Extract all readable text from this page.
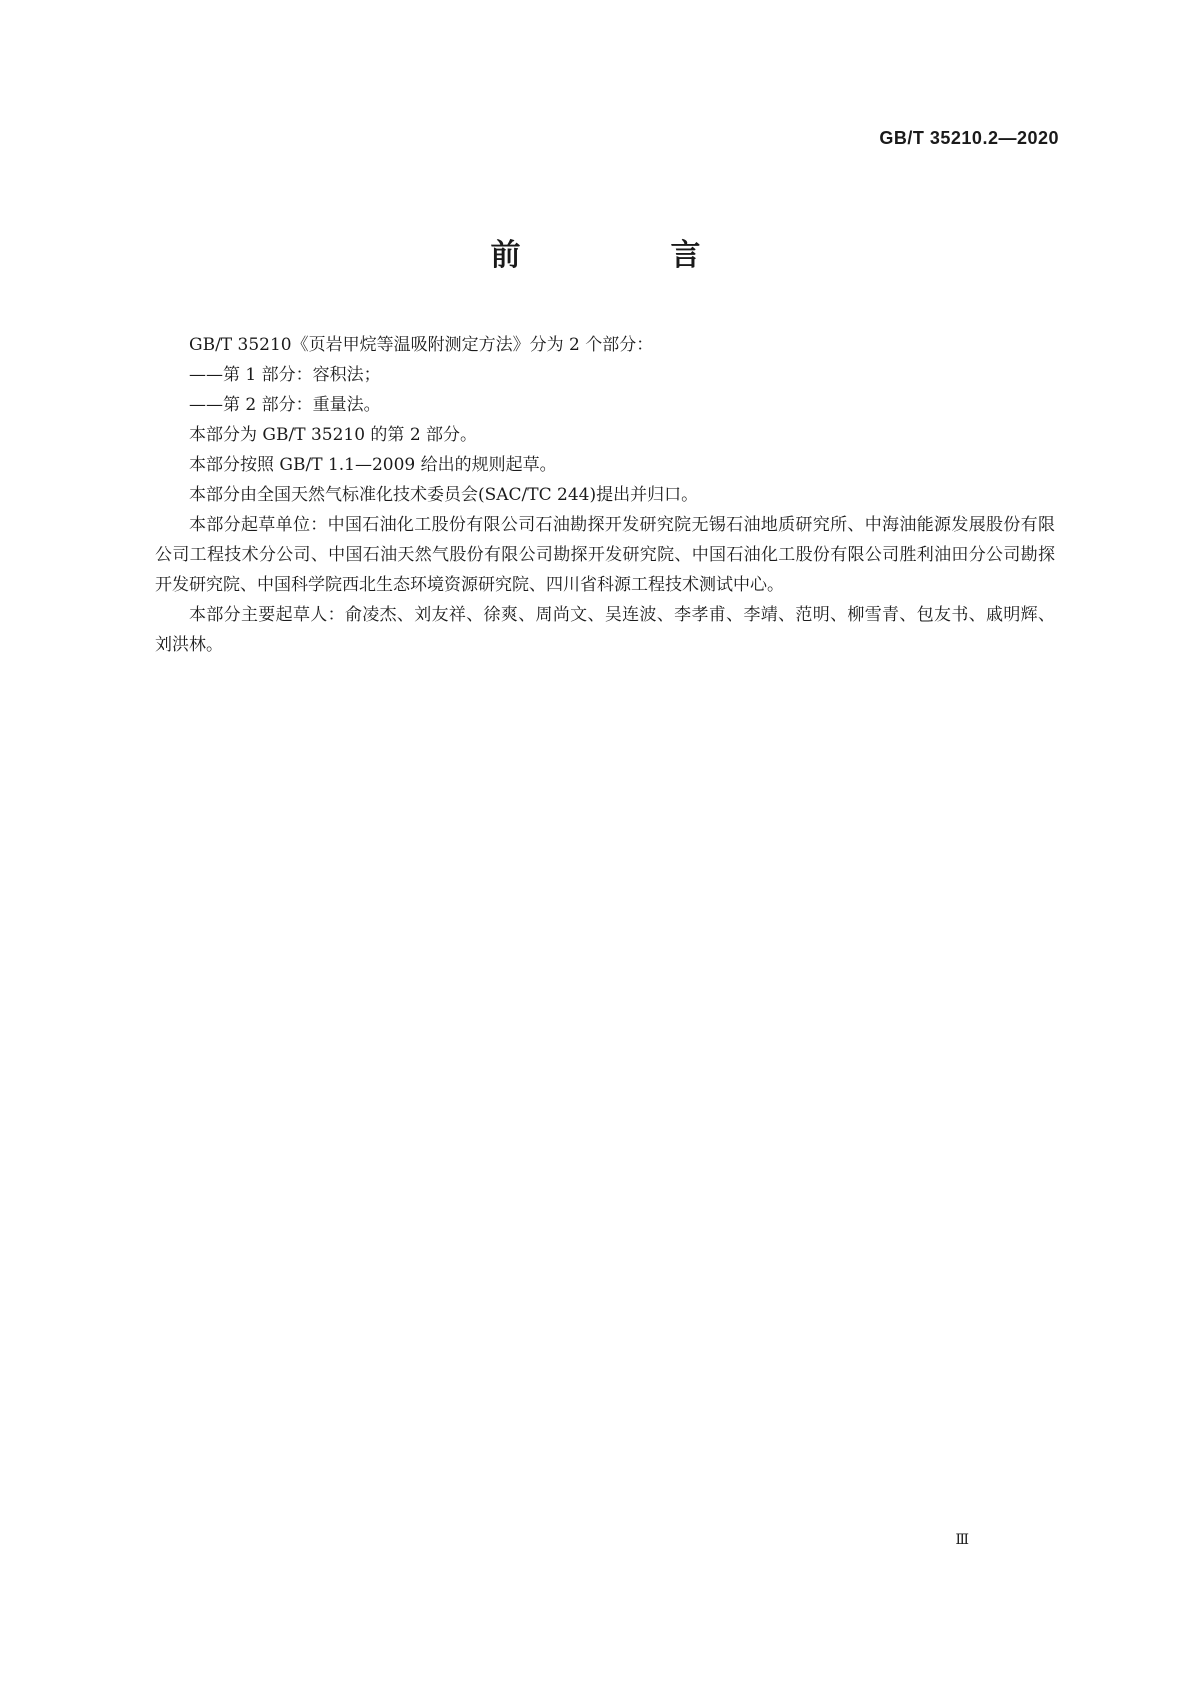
GB/T 35210.2—2020
前　言

GB/T 35210《页岩甲烷等温吸附测定方法》分为 2 个部分：

——第 1 部分：容积法；

——第 2 部分：重量法。

本部分为 GB/T 35210 的第 2 部分。

本部分按照 GB/T 1.1—2009 给出的规则起草。

本部分由全国天然气标准化技术委员会(SAC/TC 244)提出并归口。

本部分起草单位：中国石油化工股份有限公司石油勘探开发研究院无锡石油地质研究所、中海油能源发展股份有限公司工程技术分公司、中国石油天然气股份有限公司勘探开发研究院、中国石油化工股份有限公司胜利油田分公司勘探开发研究院、中国科学院西北生态环境资源研究院、四川省科源工程技术测试中心。

本部分主要起草人：俞凌杰、刘友祥、徐爽、周尚文、吴连波、李孝甫、李靖、范明、柳雪青、包友书、戚明辉、刘洪林。

Ⅲ
